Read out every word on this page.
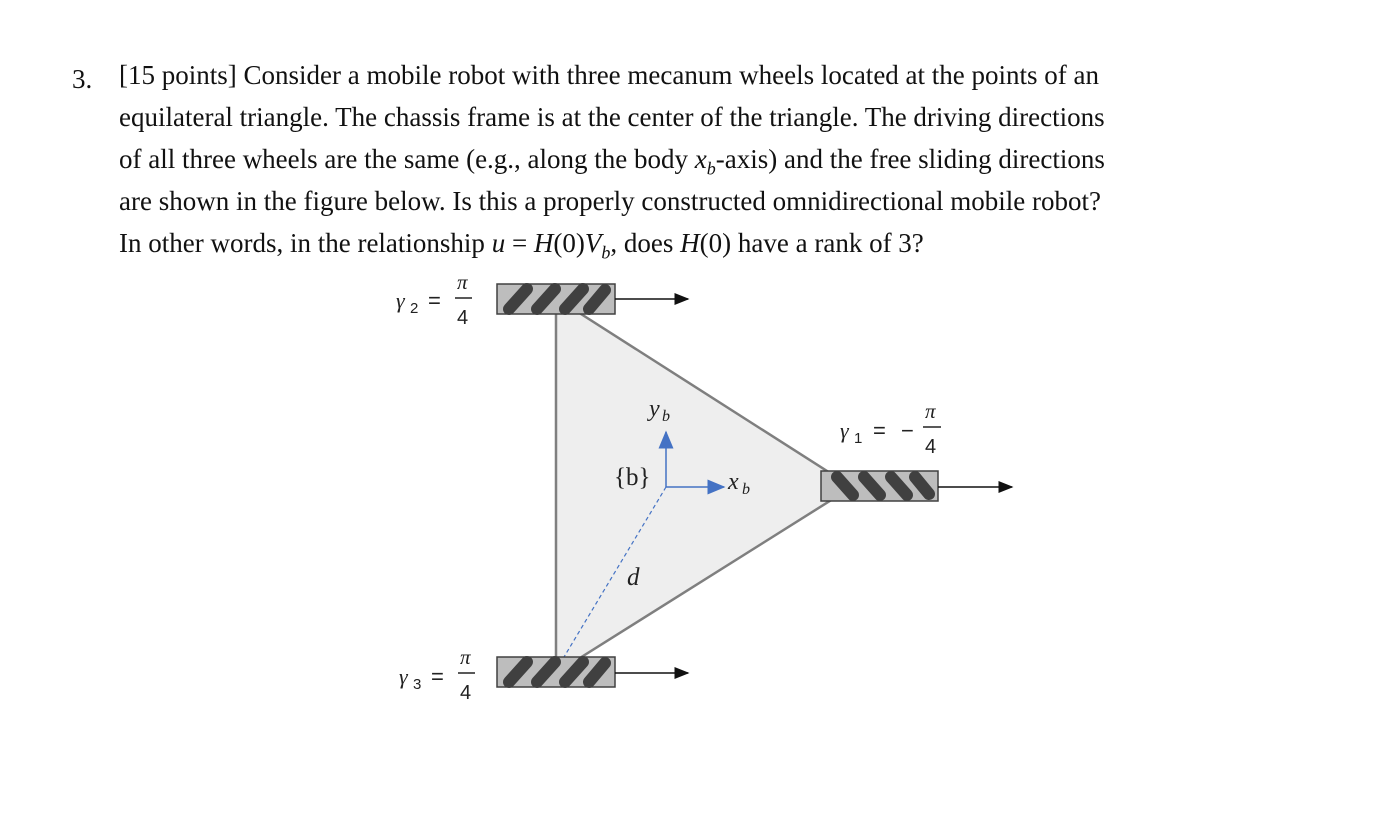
3. [15 points] Consider a mobile robot with three mecanum wheels located at the points of an
equilateral triangle. The chassis frame is at the center of the triangle. The driving directions
of all three wheels are the same (e.g., along the body $x_b-axis$) and the free sliding directions
are shown in the figure below. Is this a properly constructed omnidirectional mobile robot?
In other words, in the relationship $u = H(0)V_b$, does H(0) have a rank of 3?
γ 2 =
π
4
γ 1 = −
π
4
γ 3 =
π
4
y b
x b
{b}
d
